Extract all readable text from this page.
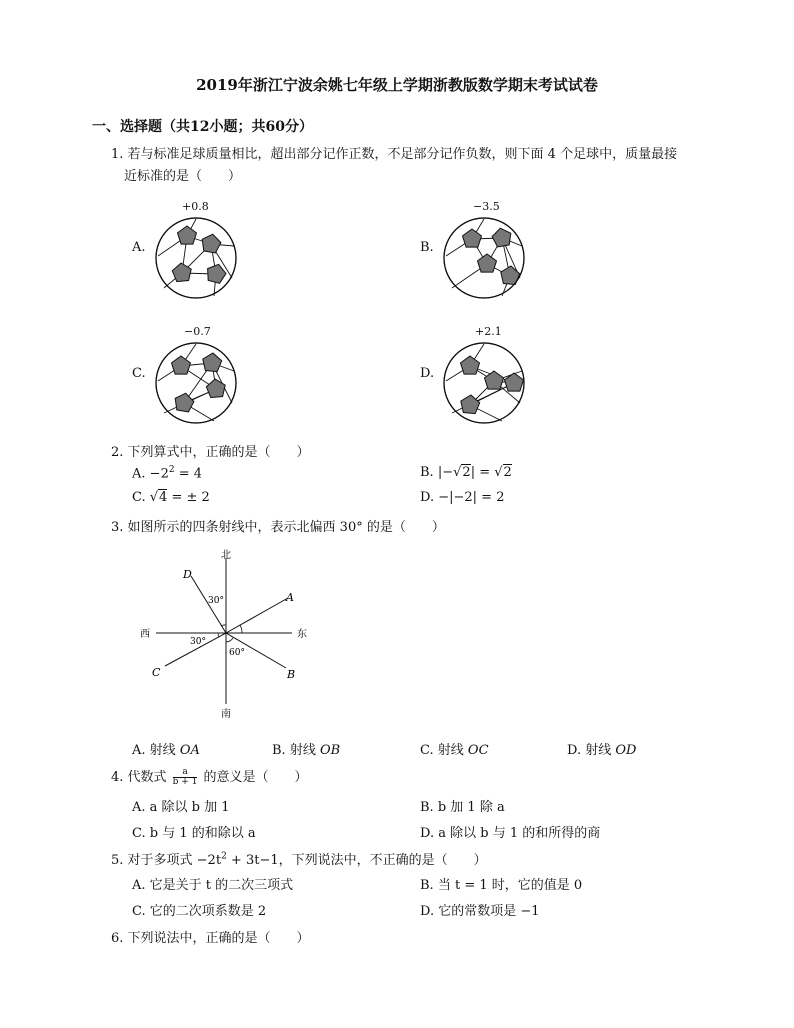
2019年浙江宁波余姚七年级上学期浙教版数学期末考试试卷
一、选择题（共12小题；共60分）
1. 若与标准足球质量相比，超出部分记作正数，不足部分记作负数，则下面 4 个足球中，质量最接
近标准的是（　　）
A.
+0.8
B.
−3.5
C.
−0.7
D.
+2.1
2. 下列算式中，正确的是（　　）
A. $-2^2 = 4$	B. |−√2| = √2
C. √4 = ± 2	D. −|−2| = 2
3. 如图所示的四条射线中，表示北偏西 30° 的是（　　）
北
南
西	东
A
B
C
D
30°
30°
60°
A. 射线 OA	B. 射线 OB	C. 射线 OC	D. 射线 OD
4. 代数式 $\frac{a}{b + 1}$ 的意义是（　　）
A. a 除以 b 加 1	B. b 加 1 除 a
C. b 与 1 的和除以 a	D. a 除以 b 与 1 的和所得的商
5. 对于多项式 $-2t^2 + 3t-1$，下列说法中，不正确的是（　　）
A. 它是关于 t 的二次三项式	B. 当 t = 1 时，它的值是 0
C. 它的二次项系数是 2	D. 它的常数项是 −1
6. 下列说法中，正确的是（　　）
